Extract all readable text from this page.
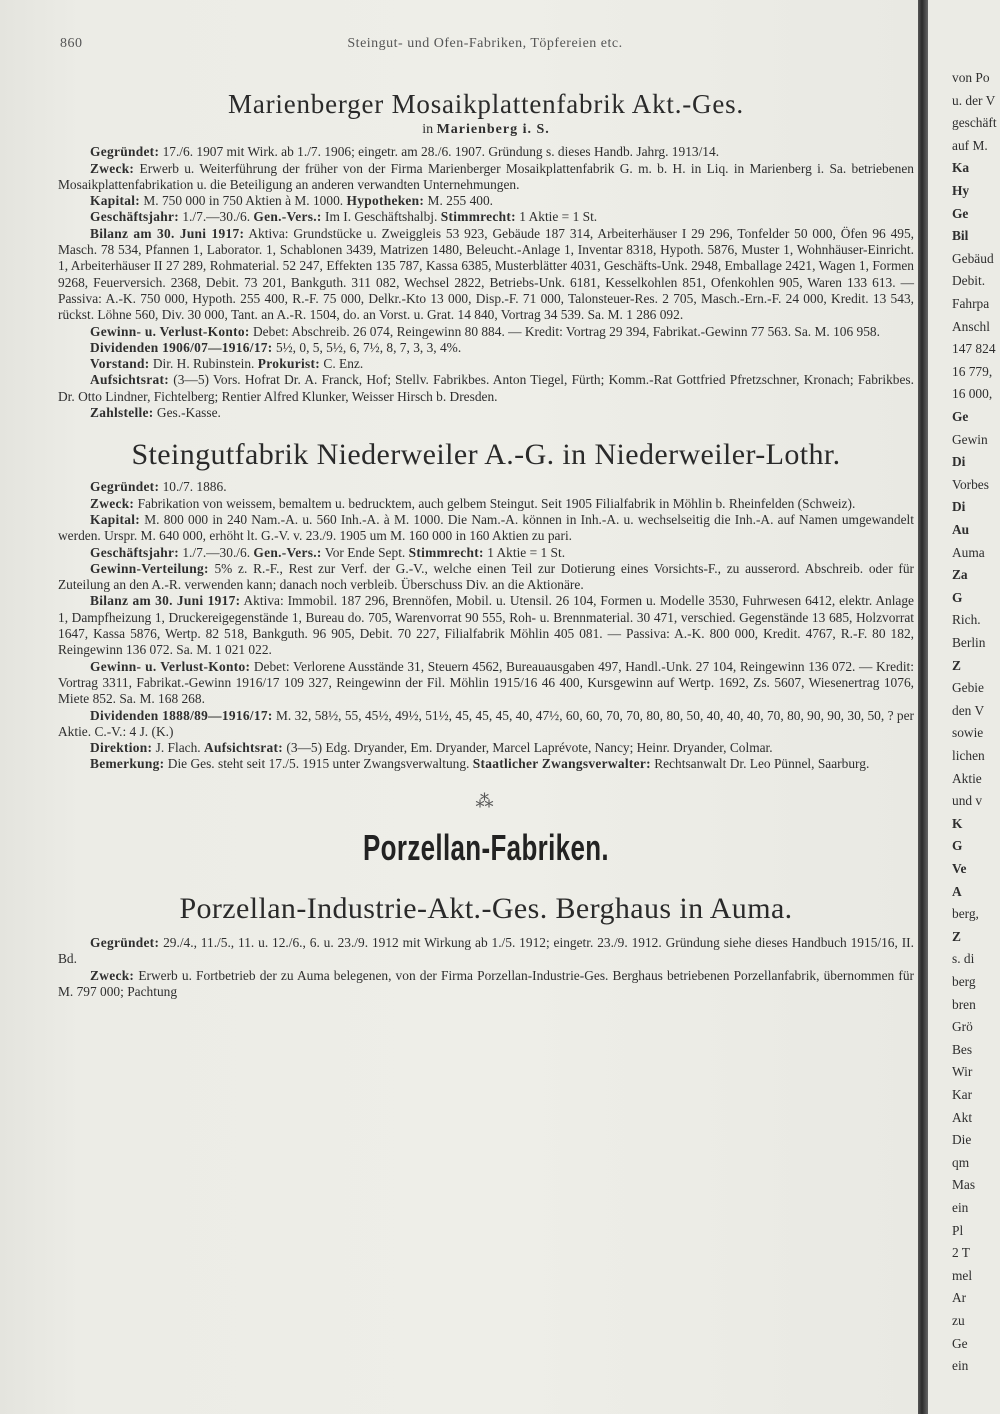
860	Steingut- und Ofen-Fabriken, Töpfereien etc.
Marienberger Mosaikplattenfabrik Akt.-Ges.
in Marienberg i. S.

Gegründet: 17./6. 1907 mit Wirk. ab 1./7. 1906; eingetr. am 28./6. 1907. Gründung s. dieses Handb. Jahrg. 1913/14.

Zweck: Erwerb u. Weiterführung der früher von der Firma Marienberger Mosaikplattenfabrik G. m. b. H. in Liq. in Marienberg i. Sa. betriebenen Mosaikplattenfabrikation u. die Beteiligung an anderen verwandten Unternehmungen.

Kapital: M. 750 000 in 750 Aktien à M. 1000. Hypotheken: M. 255 400.

Geschäftsjahr: 1./7.—30./6. Gen.-Vers.: Im I. Geschäftshalbj. Stimmrecht: 1 Aktie = 1 St.

Bilanz am 30. Juni 1917: Aktiva: Grundstücke u. Zweiggleis 53 923, Gebäude 187 314, Arbeiterhäuser I 29 296, Tonfelder 50 000, Öfen 96 495, Masch. 78 534, Pfannen 1, Laborator. 1, Schablonen 3439, Matrizen 1480, Beleucht.-Anlage 1, Inventar 8318, Hypoth. 5876, Muster 1, Wohnhäuser-Einricht. 1, Arbeiterhäuser II 27 289, Rohmaterial. 52 247, Effekten 135 787, Kassa 6385, Musterblätter 4031, Geschäfts-Unk. 2948, Emballage 2421, Wagen 1, Formen 9268, Feuerversich. 2368, Debit. 73 201, Bankguth. 311 082, Wechsel 2822, Betriebs-Unk. 6181, Kesselkohlen 851, Ofenkohlen 905, Waren 133 613. — Passiva: A.-K. 750 000, Hypoth. 255 400, R.-F. 75 000, Delkr.-Kto 13 000, Disp.-F. 71 000, Talonsteuer-Res. 2 705, Masch.-Ern.-F. 24 000, Kredit. 13 543, rückst. Löhne 560, Div. 30 000, Tant. an A.-R. 1504, do. an Vorst. u. Grat. 14 840, Vortrag 34 539. Sa. M. 1 286 092.

Gewinn- u. Verlust-Konto: Debet: Abschreib. 26 074, Reingewinn 80 884. — Kredit: Vortrag 29 394, Fabrikat.-Gewinn 77 563. Sa. M. 106 958.

Dividenden 1906/07—1916/17: 5½, 0, 5, 5½, 6, 7½, 8, 7, 3, 3, 4%.

Vorstand: Dir. H. Rubinstein. Prokurist: C. Enz.

Aufsichtsrat: (3—5) Vors. Hofrat Dr. A. Franck, Hof; Stellv. Fabrikbes. Anton Tiegel, Fürth; Komm.-Rat Gottfried Pfretzschner, Kronach; Fabrikbes. Dr. Otto Lindner, Fichtelberg; Rentier Alfred Klunker, Weisser Hirsch b. Dresden.

Zahlstelle: Ges.-Kasse.

Steingutfabrik Niederweiler A.-G. in Niederweiler-Lothr.

Gegründet: 10./7. 1886.

Zweck: Fabrikation von weissem, bemaltem u. bedrucktem, auch gelbem Steingut. Seit 1905 Filialfabrik in Möhlin b. Rheinfelden (Schweiz).

Kapital: M. 800 000 in 240 Nam.-A. u. 560 Inh.-A. à M. 1000. Die Nam.-A. können in Inh.-A. u. wechselseitig die Inh.-A. auf Namen umgewandelt werden. Urspr. M. 640 000, erhöht lt. G.-V. v. 23./9. 1905 um M. 160 000 in 160 Aktien zu pari.

Geschäftsjahr: 1./7.—30./6. Gen.-Vers.: Vor Ende Sept. Stimmrecht: 1 Aktie = 1 St.

Gewinn-Verteilung: 5% z. R.-F., Rest zur Verf. der G.-V., welche einen Teil zur Dotierung eines Vorsichts-F., zu ausserord. Abschreib. oder für Zuteilung an den A.-R. verwenden kann; danach noch verbleib. Überschuss Div. an die Aktionäre.

Bilanz am 30. Juni 1917: Aktiva: Immobil. 187 296, Brennöfen, Mobil. u. Utensil. 26 104, Formen u. Modelle 3530, Fuhrwesen 6412, elektr. Anlage 1, Dampfheizung 1, Druckereigegenstände 1, Bureau do. 705, Warenvorrat 90 555, Roh- u. Brennmaterial. 30 471, verschied. Gegenstände 13 685, Holzvorrat 1647, Kassa 5876, Wertp. 82 518, Bankguth. 96 905, Debit. 70 227, Filialfabrik Möhlin 405 081. — Passiva: A.-K. 800 000, Kredit. 4767, R.-F. 80 182, Reingewinn 136 072. Sa. M. 1 021 022.

Gewinn- u. Verlust-Konto: Debet: Verlorene Ausstände 31, Steuern 4562, Bureauausgaben 497, Handl.-Unk. 27 104, Reingewinn 136 072. — Kredit: Vortrag 3311, Fabrikat.-Gewinn 1916/17 109 327, Reingewinn der Fil. Möhlin 1915/16 46 400, Kursgewinn auf Wertp. 1692, Zs. 5607, Wiesenertrag 1076, Miete 852. Sa. M. 168 268.

Dividenden 1888/89—1916/17: M. 32, 58½, 55, 45½, 49½, 51½, 45, 45, 45, 40, 47½, 60, 60, 70, 70, 80, 80, 50, 40, 40, 40, 70, 80, 90, 90, 30, 50, ? per Aktie. C.-V.: 4 J. (K.)

Direktion: J. Flach. Aufsichtsrat: (3—5) Edg. Dryander, Em. Dryander, Marcel Laprévote, Nancy; Heinr. Dryander, Colmar.

Bemerkung: Die Ges. steht seit 17./5. 1915 unter Zwangsverwaltung. Staatlicher Zwangsverwalter: Rechtsanwalt Dr. Leo Pünnel, Saarburg.

⁂
Porzellan-Fabriken.
Porzellan-Industrie-Akt.-Ges. Berghaus in Auma.

Gegründet: 29./4., 11./5., 11. u. 12./6., 6. u. 23./9. 1912 mit Wirkung ab 1./5. 1912; eingetr. 23./9. 1912. Gründung siehe dieses Handbuch 1915/16, II. Bd.

Zweck: Erwerb u. Fortbetrieb der zu Auma belegenen, von der Firma Porzellan-Industrie-Ges. Berghaus betriebenen Porzellanfabrik, übernommen für M. 797 000; Pachtung

von Po
u. der V
geschäft
auf M.
Ka
Hy
Ge
Bil
Gebäud
Debit.
Fahrpa
Anschl
147 824
16 779,
16 000,
Ge
Gewin
Di
Vorbes
Di
Au
Auma
Za
G
Rich.
Berlin
Z
Gebie
den V
sowie
lichen
Aktie
und v
K
G
Ve
A
berg,
Z
s. di
berg
bren
Grö
Bes
Wir
Kar
Akt
Die
qm
Mas
ein
Pl
2 T
mel
Ar
zu
Ge
ein
